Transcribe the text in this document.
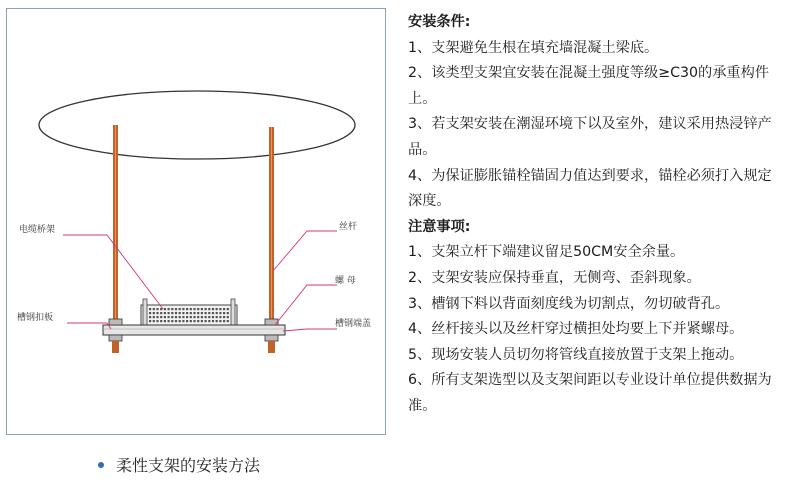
电缆桥架	丝杆
螺 母
槽钢扣板
槽钢端盖
柔性支架的安装方法

安装条件:

1、支架避免生根在填充墙混凝土梁底。

2、该类型支架宜安装在混凝土强度等级≥C30的承重构件上。

3、若支架安装在潮湿环境下以及室外，建议采用热浸锌产品。

4、为保证膨胀锚栓锚固力值达到要求，锚栓必须打入规定深度。

注意事项:

1、支架立杆下端建议留足50CM安全余量。

2、支架安装应保持垂直，无侧弯、歪斜现象。

3、槽钢下料以背面刻度线为切割点，勿切破背孔。

4、丝杆接头以及丝杆穿过横担处均要上下并紧螺母。

5、现场安装人员切勿将管线直接放置于支架上拖动。

6、所有支架选型以及支架间距以专业设计单位提供数据为准。
